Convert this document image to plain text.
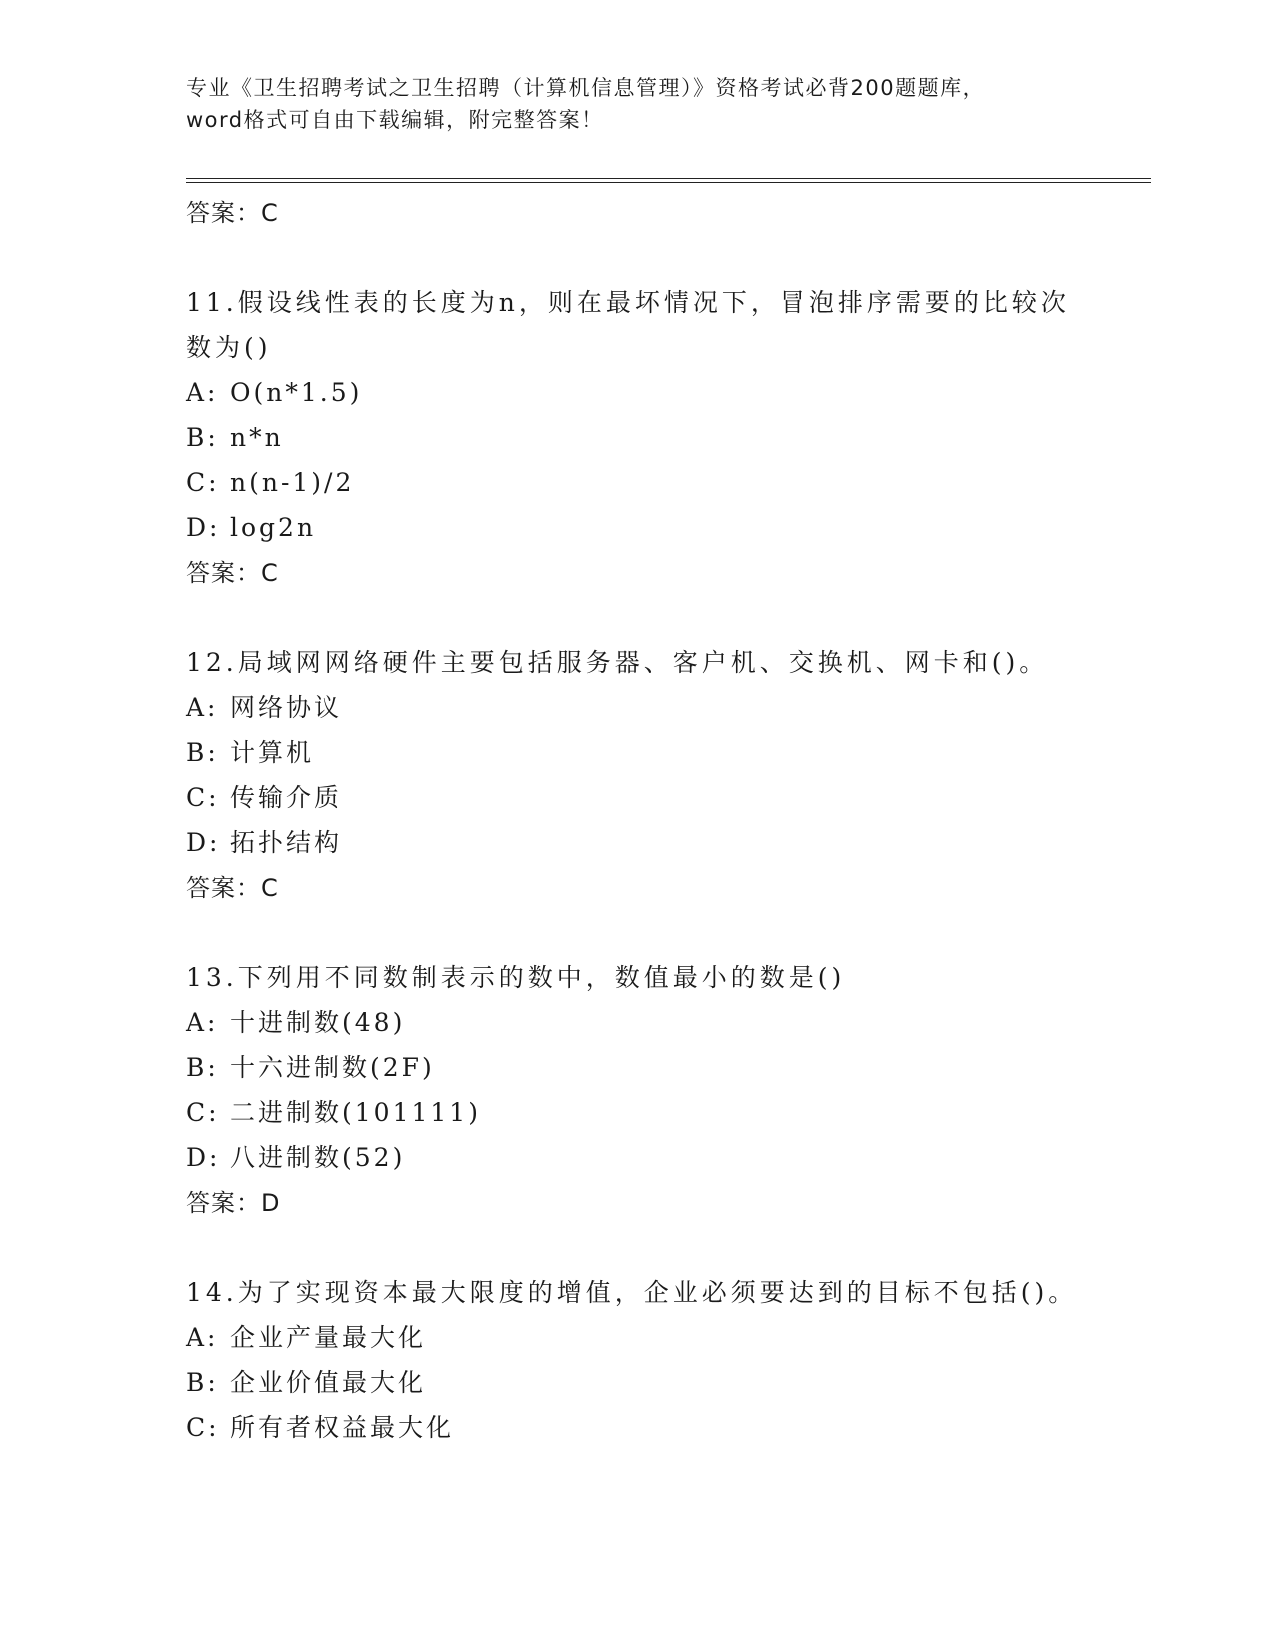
专业《卫生招聘考试之卫生招聘（计算机信息管理）》资格考试必背200题题库，
word格式可自由下载编辑，附完整答案！
答案：C
11.假设线性表的长度为n，则在最坏情况下，冒泡排序需要的比较次
数为()
A: O(n*1.5)
B: n*n
C: n(n-1)/2
D: log2n
答案：C
12.局域网网络硬件主要包括服务器、客户机、交换机、网卡和()。
A: 网络协议
B: 计算机
C: 传输介质
D: 拓扑结构
答案：C
13.下列用不同数制表示的数中，数值最小的数是()
A: 十进制数(48)
B: 十六进制数(2F)
C: 二进制数(101111)
D: 八进制数(52)
答案：D
14.为了实现资本最大限度的增值，企业必须要达到的目标不包括()。
A: 企业产量最大化
B: 企业价值最大化
C: 所有者权益最大化
